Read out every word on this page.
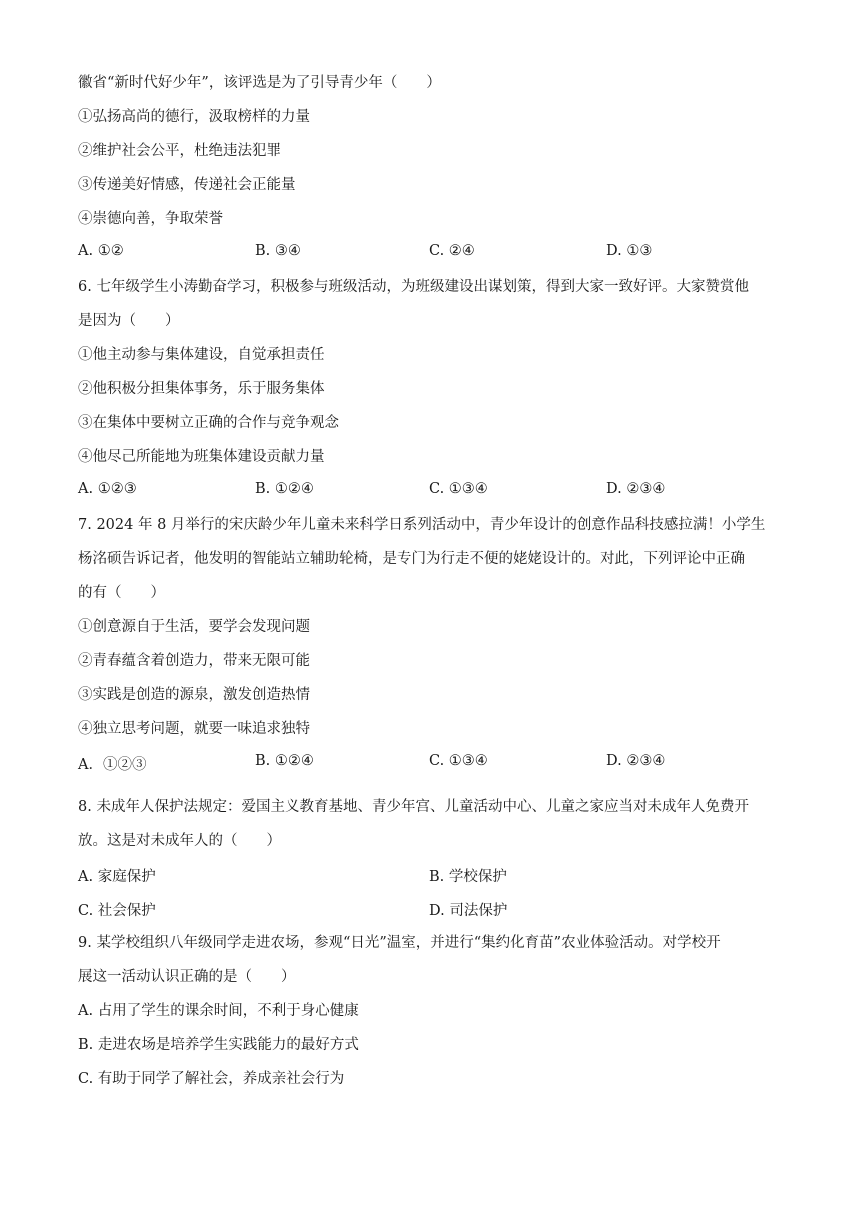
徽省“新时代好少年”，该评选是为了引导青少年（　　）
①弘扬高尚的德行，汲取榜样的力量
②维护社会公平，杜绝违法犯罪
③传递美好情感，传递社会正能量
④崇德向善，争取荣誉
A. ①②	B. ③④	C. ②④	D. ①③
6. 七年级学生小涛勤奋学习，积极参与班级活动，为班级建设出谋划策，得到大家一致好评。大家赞赏他
是因为（　　）
①他主动参与集体建设，自觉承担责任
②他积极分担集体事务，乐于服务集体
③在集体中要树立正确的合作与竞争观念
④他尽己所能地为班集体建设贡献力量
A. ①②③	B. ①②④	C. ①③④	D. ②③④
7. 2024 年 8 月举行的宋庆龄少年儿童未来科学日系列活动中，青少年设计的创意作品科技感拉满！小学生
杨洺硕告诉记者，他发明的智能站立辅助轮椅，是专门为行走不便的姥姥设计的。对此，下列评论中正确
的有（　　）
①创意源自于生活，要学会发现问题
②青春蕴含着创造力，带来无限可能
③实践是创造的源泉，激发创造热情
④独立思考问题，就要一味追求独特
A．①②③	B. ①②④	C. ①③④	D. ②③④
8. 未成年人保护法规定：爱国主义教育基地、青少年宫、儿童活动中心、儿童之家应当对未成年人免费开
放。这是对未成年人的（　　）
A. 家庭保护	B. 学校保护
C. 社会保护	D. 司法保护
9. 某学校组织八年级同学走进农场，参观“日光”温室，并进行“集约化育苗”农业体验活动。对学校开
展这一活动认识正确的是（　　）
A. 占用了学生的课余时间，不利于身心健康
B. 走进农场是培养学生实践能力的最好方式
C. 有助于同学了解社会，养成亲社会行为
